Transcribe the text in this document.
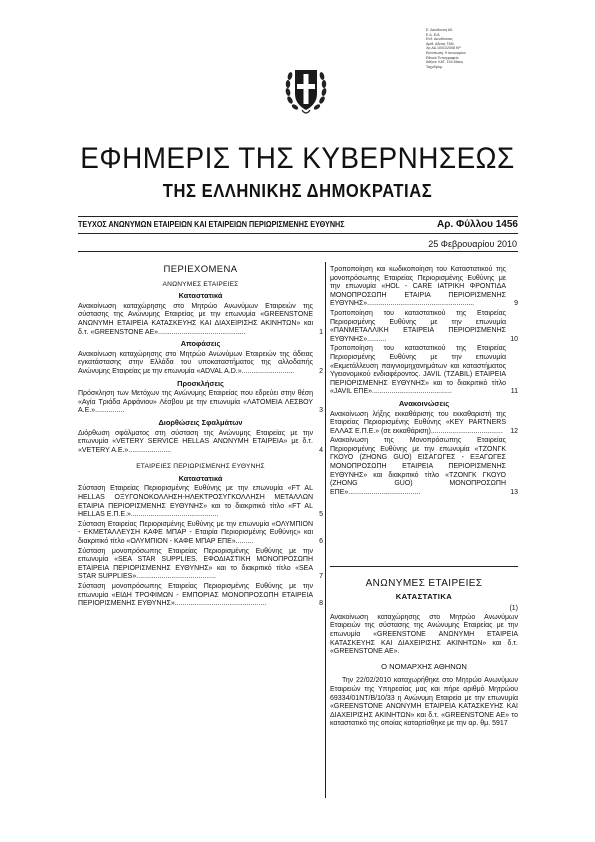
Ε. Διεύθυνση Αδ.
Ε.Δ. Ε/Α
Ενδ. Διευθύνσεις
Αριθ. Αδείας ΤΑΝ.
Χρ.ΑΔ 10/01/2008 ΚΡ
Εκτύπωση: 9 Ιανουαρίου
Εθνικό Τυπογραφείο
Αθήνα: ΚΑΤ. 104 Μάιος
Ταχυδρόμ.
ΕΦΗΜΕΡΙΣ ΤΗΣ ΚΥΒΕΡΝΗΣΕΩΣ
ΤΗΣ ΕΛΛΗΝΙΚΗΣ ΔΗΜΟΚΡΑΤΙΑΣ
ΤΕΥΧΟΣ ΑΝΩΝΥΜΩΝ ΕΤΑΙΡΕΙΩΝ ΚΑΙ ΕΤΑΙΡΕΙΩΝ ΠΕΡΙΩΡΙΣΜΕΝΗΣ ΕΥΘΥΝΗΣ	Αρ. Φύλλου 1456
25 Φεβρουαρίου 2010
ΠΕΡΙΕΧΟΜΕΝΑ
ΑΝΩΝΥΜΕΣ ΕΤΑΙΡΕΙΕΣ
Καταστατικά
Ανακοίνωση καταχώρησης στο Μητρώο Ανωνύμων Εταιρειών της σύστασης της Ανώνυμης Εταιρείας με την επωνυμία «GREENSTONE ΑΝΩΝΥΜΗ ΕΤΑΙΡΕΙΑ ΚΑΤΑΣΚΕΥΗΣ ΚΑΙ ΔΙΑΧΕΙΡΙΣΗΣ ΑΚΙΝΗΤΩΝ» και δ.τ. «GREENSTONE AE».............................................	1
Αποφάσεις
Ανακοίνωση καταχώρησης στο Μητρώο Ανωνύμων Εταιρειών της άδειας εγκατάστασης στην Ελλάδα του υποκαταστήματος της αλλοδαπής Ανώνυμης Εταιρείας με την επωνυμία «ADVAL A.D.»...........................	2
Προσκλήσεις
Πρόσκληση των Μετόχων της Ανώνυμης Εταιρείας που εδρεύει στην θέση «Αγία Τριάδα Αρφάνιου» Λέσβου με την επωνυμία «ΛΑΤΟΜΕΙΑ ΛΕΣΒΟΥ Α.Ε.»...............	3
Διορθώσεις Σφαλμάτων
Διόρθωση σφάλματος στη σύσταση της Ανώνυμης Εταιρείας με την επωνυμία «VETERY SERVICE HELLAS ΑΝΩΝΥΜΗ ΕΤΑΙΡΕΙΑ» με δ.τ. «VETERY A.E.»......................	4
ΕΤΑΙΡΕΙΕΣ ΠΕΡΙΩΡΙΣΜΕΝΗΣ ΕΥΘΥΝΗΣ
Καταστατικά
Σύσταση Εταιρείας Περιορισμένης Ευθύνης με την επωνυμία «FT AL HELLAS ΟΞΥΓΟΝΟΚΟΛΛΗΣΗ-ΗΛΕΚΤΡΟΣΥΓΚΟΛΛΗΣΗ ΜΕΤΑΛΛΩΝ ΕΤΑΙΡΙΑ ΠΕΡΙΟΡΙΣΜΕΝΗΣ ΕΥΘΥΝΗΣ» και το διακριτικό τίτλο «FT AL HELLAS Ε.Π.Ε.».............................................	5
Σύσταση Εταιρείας Περιορισμένης Ευθύνης με την επωνυμία «ΟΛΥΜΠΙΟΝ - ΕΚΜΕΤΑΛΛΕΥΣΗ ΚΑΦΕ ΜΠΑΡ - Εταιρία Περιορισμένης Ευθύνης» και διακριτικό τίτλο «ΟΛΥΜΠΙΟΝ - ΚΑΦΕ ΜΠΑΡ ΕΠΕ».........	6
Σύσταση μονοπρόσωπης Εταιρείας Περιορισμένης Ευθύνης με την επωνυμία «SEA STAR SUPPLIES. ΕΦΟΔΙΑΣΤΙΚΗ ΜΟΝΟΠΡΟΣΩΠΗ ΕΤΑΙΡΕΙΑ ΠΕΡΙΟΡΙΣΜΕΝΗΣ ΕΥΘΥΝΗΣ» και το διακριτικό τίτλο «SEA STAR SUPPLIES».........................................	7
Σύσταση μονοπρόσωπης Εταιρείας Περιορισμένης Ευθύνης με την επωνυμία «ΕΙΔΗ ΤΡΟΦΙΜΩΝ - ΕΜΠΟΡΙΑΣ ΜΟΝΟΠΡΟΣΩΠΗ ΕΤΑΙΡΕΙΑ ΠΕΡΙΟΡΙΣΜΕΝΗΣ ΕΥΘΥΝΗΣ»...............................................	8
Τροποποίηση και κωδικοποίηση του Καταστατικού της μονοπρόσωπης Εταιρείας Περιορισμένης Ευθύνης με την επωνυμία «HOL - CARE ΙΑΤΡΙΚΗ ΦΡΟΝΤΙΔΑ ΜΟΝΟΠΡΟΣΩΠΗ ΕΤΑΙΡΙΑ ΠΕΡΙΟΡΙΣΜΕΝΗΣ ΕΥΘΥΝΗΣ».......................................................	9
Τροποποίηση του καταστατικού της Εταιρείας Περιορισμένης Ευθύνης με την επωνυμία «ΠΑΝΜΕΤΑΛΛΙΚΗ ΕΤΑΙΡΕΙΑ ΠΕΡΙΟΡΙΣΜΕΝΗΣ ΕΥΘΥΝΗΣ»..........	10
Τροποποίηση του καταστατικού της Εταιρείας Περιορισμένης Ευθύνης με την επωνυμία «Εκμετάλλευση παιγνιομηχανημάτων και καταστήματος Υγειονομικού ενδιαφέροντος. JAVIL (TZABIL) ΕΤΑΙΡΕΙΑ ΠΕΡΙΟΡΙΣΜΕΝΗΣ ΕΥΘΥΝΗΣ» και το διακριτικό τίτλο «JAVIL ΕΠΕ».........................................	11
Ανακοινώσεις
Ανακοίνωση λήξης εκκαθάρισης του εκκαθαριστή της Εταιρείας Περιορισμένης Ευθύνης «KEY PARTNERS ΕΛΛΑΣ Ε.Π.Ε.» (σε εκκαθάριση)..................................... 12
Ανακοίνωση της Μονοπρόσωπης Εταιρείας Περιορισμένης Ευθύνης με την επωνυμία «ΤΖΟΝΓΚ ΓΚΟΥΟ (ZHONG GUO) ΕΙΣΑΓΩΓΕΣ - ΕΞΑΓΩΓΕΣ ΜΟΝΟΠΡΟΣΩΠΗ ΕΤΑΙΡΕΙΑ ΠΕΡΙΟΡΙΣΜΕΝΗΣ ΕΥΘΥΝΗΣ» και διακριτικό τίτλο «ΤΖΟΝΓΚ ΓΚΟΥΟ (ZHONG GUO) ΜΟΝΟΠΡΟΣΩΠΗ ΕΠΕ».....................................	13
ΑΝΩΝΥΜΕΣ ΕΤΑΙΡΕΙΕΣ
ΚΑΤΑΣΤΑΤΙΚΑ
(1)

Ανακοίνωση καταχώρησης στο Μητρώο Ανωνύμων Εταιρειών της σύστασης της Ανώνυμης Εταιρείας με την επωνυμία «GREENSTONE ΑΝΩΝΥΜΗ ΕΤΑΙΡΕΙΑ ΚΑΤΑΣΚΕΥΗΣ ΚΑΙ ΔΙΑΧΕΙΡΙΣΗΣ ΑΚΙΝΗΤΩΝ» και δ.τ. «GREENSTONE AE».

Ο ΝΟΜΑΡΧΗΣ ΑΘΗΝΩΝ

Την 22/02/2010 καταχωρήθηκε στο Μητρώο Ανωνύμων Εταιρειών της Υπηρεσίας μας και πήρε αριθμό Μητρώου 69334/01ΝΤ/Β/10/33 η Ανώνυμη Εταιρεία με την επωνυμία «GREENSTONE ΑΝΩΝΥΜΗ ΕΤΑΙΡΕΙΑ ΚΑΤΑΣΚΕΥΗΣ ΚΑΙ ΔΙΑΧΕΙΡΙΣΗΣ ΑΚΙΝΗΤΩΝ» και δ.τ. «GREENSTONE AE» το καταστατικό της οποίας καταρτίσθηκε με την αρ. θμ. 5917
